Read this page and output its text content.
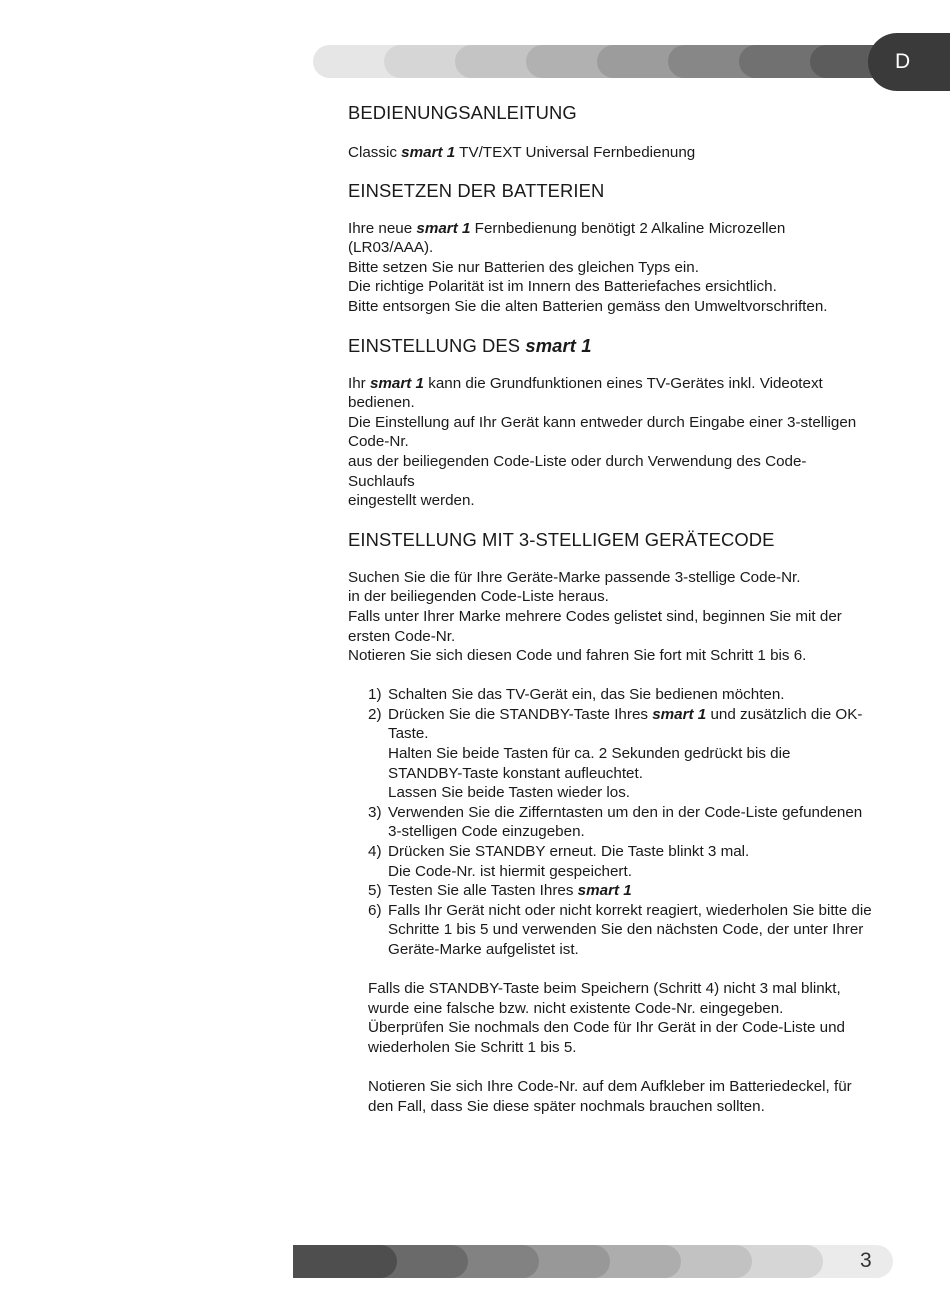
D

BEDIENUNGSANLEITUNG

Classic smart 1 TV/TEXT Universal Fernbedienung

EINSETZEN DER BATTERIEN

Ihre neue smart 1 Fernbedienung benötigt 2 Alkaline Microzellen

(LR03/AAA).

Bitte setzen Sie nur Batterien des gleichen Typs ein.

Die richtige Polarität ist im Innern des Batteriefaches ersichtlich.

Bitte entsorgen Sie die alten Batterien gemäss den Umweltvorschriften.

EINSTELLUNG DES smart 1

Ihr smart 1 kann die Grundfunktionen eines TV-Gerätes inkl. Videotext

bedienen.

Die Einstellung auf Ihr Gerät kann entweder durch Eingabe einer 3-stelligen

Code-Nr.

aus der beiliegenden Code-Liste oder durch Verwendung des Code-

Suchlaufs

eingestellt werden.

EINSTELLUNG MIT 3-STELLIGEM GERÄTECODE

Suchen Sie die für Ihre Geräte-Marke passende 3-stellige Code-Nr.

in der beiliegenden Code-Liste heraus.

Falls unter Ihrer Marke mehrere Codes gelistet sind, beginnen Sie mit der

ersten Code-Nr.

Notieren Sie sich diesen Code und fahren Sie fort mit Schritt 1 bis 6.

1) Schalten Sie das TV-Gerät ein, das Sie bedienen möchten.
2) Drücken Sie die STANDBY-Taste Ihres smart 1 und zusätzlich die OK-
Taste.
Halten Sie beide Tasten für ca. 2 Sekunden gedrückt bis die
STANDBY-Taste konstant aufleuchtet.
Lassen Sie beide Tasten wieder los.
3) Verwenden Sie die Zifferntasten um den in der Code-Liste gefundenen
3-stelligen Code einzugeben.
4) Drücken Sie STANDBY erneut. Die Taste blinkt 3 mal.
Die Code-Nr. ist hiermit gespeichert.
5) Testen Sie alle Tasten Ihres smart 1
6) Falls Ihr Gerät nicht oder nicht korrekt reagiert, wiederholen Sie bitte die
Schritte 1 bis 5 und verwenden Sie den nächsten Code, der unter Ihrer
Geräte-Marke aufgelistet ist.

Falls die STANDBY-Taste beim Speichern (Schritt 4) nicht 3 mal blinkt,

wurde eine falsche bzw. nicht existente Code-Nr. eingegeben.

Überprüfen Sie nochmals den Code für Ihr Gerät in der Code-Liste und

wiederholen Sie Schritt 1 bis 5.

Notieren Sie sich Ihre Code-Nr. auf dem Aufkleber im Batteriedeckel, für

den Fall, dass Sie diese später nochmals brauchen sollten.

3
